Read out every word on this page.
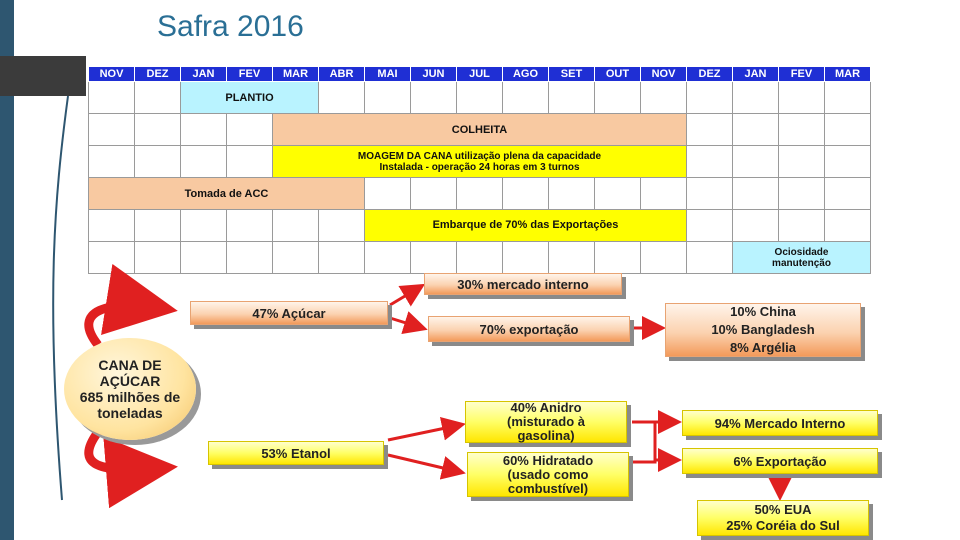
Safra 2016
NOV	DEZ	JAN	FEV	MAR	ABR	MAI	JUN	JUL	AGO	SET	OUT	NOV	DEZ	JAN	FEV	MAR
		PLANTIO														
				COLHEITA												

				MOAGEM DA CANA utilização plena da capacidade
Instalada - operação 24 horas em 3 turnos												

Tomada de ACC																
						Embarque de 70% das Exportações										

														Ociosidade
manutenção		
CANA DE
AÇÚCAR
685 milhões de
toneladas
47% Açúcar
30% mercado interno
70% exportação
10% China
10% Bangladesh
8% Argélia
53% Etanol
40% Anidro
(misturado à
gasolina)
60% Hidratado
(usado como
combustível)
94% Mercado Interno
6% Exportação
50% EUA
25% Coréia do Sul
